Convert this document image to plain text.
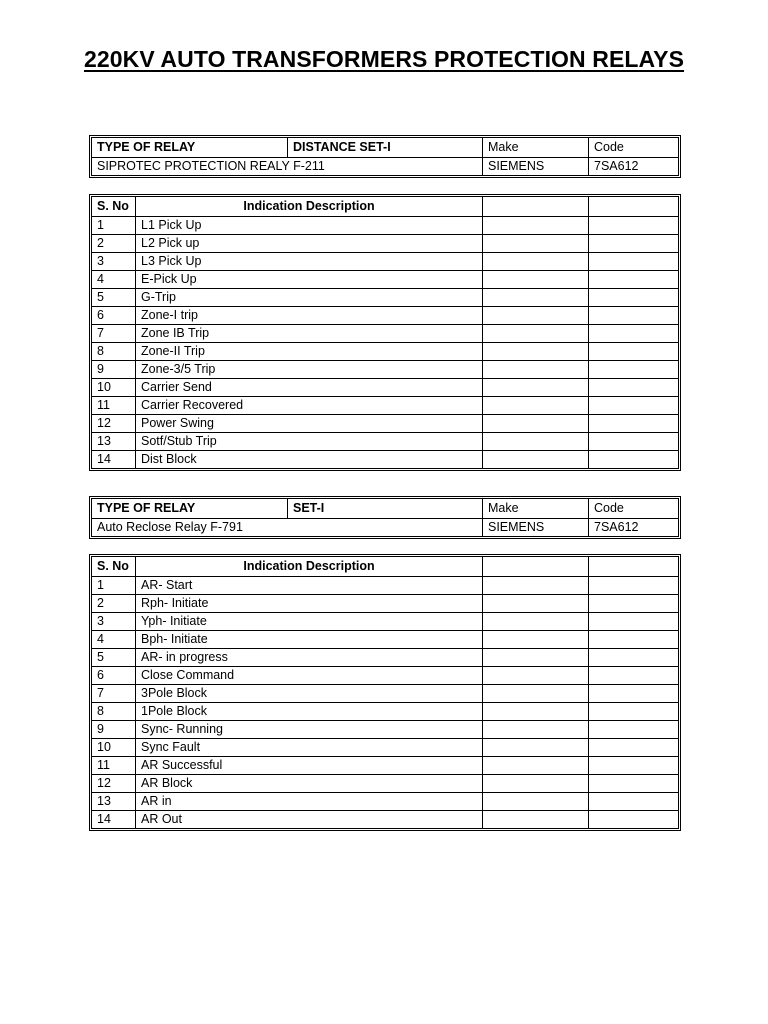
220KV AUTO TRANSFORMERS PROTECTION RELAYS
TYPE OF RELAY	DISTANCE SET-I	Make	Code
SIPROTEC PROTECTION REALY F-211		SIEMENS	7SA612
S. No	Indication Description		
1	L1 Pick Up		
2	L2 Pick up		
3	L3 Pick Up		
4	E-Pick Up		
5	G-Trip		
6	Zone-I trip		
7	Zone IB Trip		
8	Zone-II Trip		
9	Zone-3/5 Trip		
10	Carrier Send		
11	Carrier Recovered		
12	Power Swing		
13	Sotf/Stub Trip		
14	Dist Block		
TYPE OF RELAY	SET-I	Make	Code
Auto Reclose Relay F-791		SIEMENS	7SA612
S. No	Indication Description		
1	AR- Start		
2	Rph- Initiate		
3	Yph- Initiate		
4	Bph- Initiate		
5	AR- in progress		
6	Close Command		
7	3Pole Block		
8	1Pole Block		
9	Sync- Running		
10	Sync Fault		
11	AR Successful		
12	AR Block		
13	AR in		
14	AR Out		
